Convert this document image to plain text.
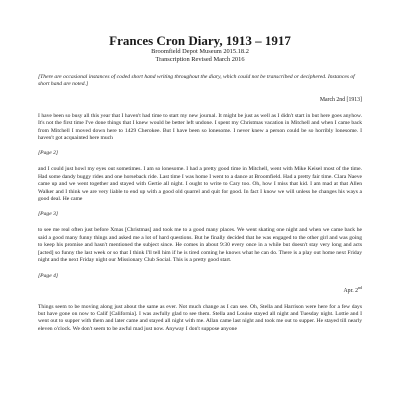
Frances Cron Diary, 1913 – 1917

Broomfield Depot Museum 2015.18.2

Transcription Revised March 2016

[There are occasional instances of coded short hand writing throughout the diary, which could not be transcribed or deciphered. Instances of short hand are noted.]

March 2nd [1913]

I have been so busy all this year that I haven't had time to start my new journal. It might be just as well as I didn't start in but here goes anyhow. It's not the first time I've done things that I knew would be better left undone. I spent my Christmas vacation in Mitchell and when I came back from Mitchell I moved down here to 1429 Cherokee. But I have been so lonesome. I never knew a person could be so horribly lonesome. I haven't got acquainted here much

[Page 2]

and I could just howl my eyes out sometimes. I am so lonesome. I had a pretty good time in Mitchell, went with Mike Keisel most of the time. Had some dandy buggy rides and one horseback ride. Last time I was home I went to a dance at Broomfield. Had a pretty fair time. Clara Naeve came up and we went together and stayed with Gertie all night. I ought to write to Cary too. Oh, how I miss that kid. I am mad at that Allen Walker and I think we are very liable to end up with a good old quarrel and quit for good. In fact I know we will unless he changes his ways a good deal. He came

[Page 3]

to see me real often just before Xmas [Christmas] and took me to a good many places. We went skating one night and when we came back he said a good many funny things and asked me a lot of hard questions. But he finally decided that he was engaged to the other girl and was going to keep his promise and hasn't mentioned the subject since. He comes in about 9:30 every once in a while but doesn't stay very long and acts [acted] so funny the last week or so that I think I'll tell him if he is tired coming he knows what he can do. There is a play out home next Friday night and the next Friday night our Missionary Club Social. This is a pretty good start.

[Page 4]

Apr. 2nd

Things seem to be moving along just about the same as ever. Not much change as I can see. Oh, Stella and Harrison were here for a few days but have gone on now to Calif [California]. I was awfully glad to see them. Stella and Louise stayed all night and Tuesday night. Lottie and I went out to supper with them and later came and stayed all night with me. Allan came last night and took me out to supper. He stayed till nearly eleven o'clock. We don't seem to be awful mad just now. Anyway I don't suppose anyone
